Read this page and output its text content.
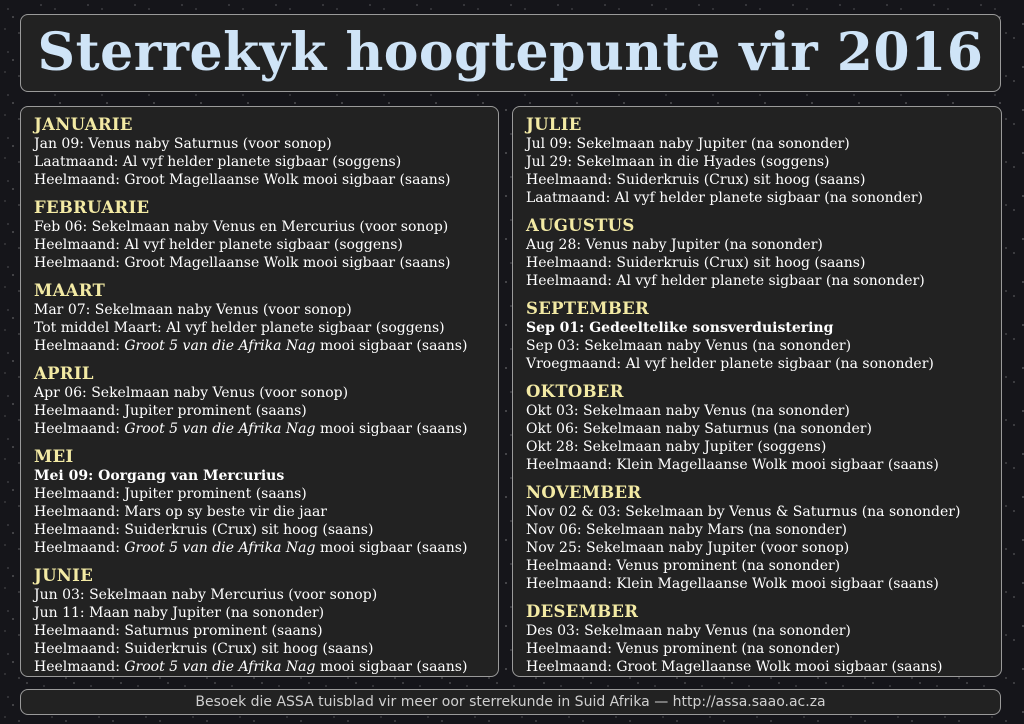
Sterrekyk hoogtepunte vir 2016
JANUARIE
Jan 09: Venus naby Saturnus (voor sonop)
Laatmaand: Al vyf helder planete sigbaar (soggens)
Heelmaand: Groot Magellaanse Wolk mooi sigbaar (saans)
FEBRUARIE
Feb 06: Sekelmaan naby Venus en Mercurius (voor sonop)
Heelmaand: Al vyf helder planete sigbaar (soggens)
Heelmaand: Groot Magellaanse Wolk mooi sigbaar (saans)
MAART
Mar 07: Sekelmaan naby Venus (voor sonop)
Tot middel Maart: Al vyf helder planete sigbaar (soggens)
Heelmaand: Groot 5 van die Afrika Nag mooi sigbaar (saans)
APRIL
Apr 06: Sekelmaan naby Venus (voor sonop)
Heelmaand: Jupiter prominent (saans)
Heelmaand: Groot 5 van die Afrika Nag mooi sigbaar (saans)
MEI
Mei 09: Oorgang van Mercurius
Heelmaand: Jupiter prominent (saans)
Heelmaand: Mars op sy beste vir die jaar
Heelmaand: Suiderkruis (Crux) sit hoog (saans)
Heelmaand: Groot 5 van die Afrika Nag mooi sigbaar (saans)
JUNIE
Jun 03: Sekelmaan naby Mercurius (voor sonop)
Jun 11: Maan naby Jupiter (na sononder)
Heelmaand: Saturnus prominent (saans)
Heelmaand: Suiderkruis (Crux) sit hoog (saans)
Heelmaand: Groot 5 van die Afrika Nag mooi sigbaar (saans)
JULIE
Jul 09: Sekelmaan naby Jupiter (na sononder)
Jul 29: Sekelmaan in die Hyades (soggens)
Heelmaand: Suiderkruis (Crux) sit hoog (saans)
Laatmaand: Al vyf helder planete sigbaar (na sononder)
AUGUSTUS
Aug 28: Venus naby Jupiter (na sononder)
Heelmaand: Suiderkruis (Crux) sit hoog (saans)
Heelmaand: Al vyf helder planete sigbaar (na sononder)
SEPTEMBER
Sep 01: Gedeeltelike sonsverduistering
Sep 03: Sekelmaan naby Venus (na sononder)
Vroegmaand: Al vyf helder planete sigbaar (na sononder)
OKTOBER
Okt 03: Sekelmaan naby Venus (na sononder)
Okt 06: Sekelmaan naby Saturnus (na sononder)
Okt 28: Sekelmaan naby Jupiter (soggens)
Heelmaand: Klein Magellaanse Wolk mooi sigbaar (saans)
NOVEMBER
Nov 02 & 03: Sekelmaan by Venus & Saturnus (na sononder)
Nov 06: Sekelmaan naby Mars (na sononder)
Nov 25: Sekelmaan naby Jupiter (voor sonop)
Heelmaand: Venus prominent (na sononder)
Heelmaand: Klein Magellaanse Wolk mooi sigbaar (saans)
DESEMBER
Des 03: Sekelmaan naby Venus (na sononder)
Heelmaand: Venus prominent (na sononder)
Heelmaand: Groot Magellaanse Wolk mooi sigbaar (saans)
Besoek die ASSA tuisblad vir meer oor sterrekunde in Suid Afrika — http://assa.saao.ac.za
